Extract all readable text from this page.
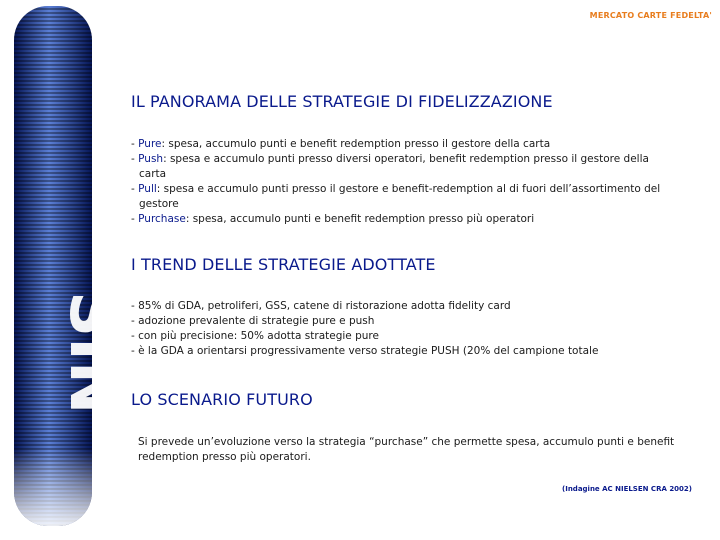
SIN
MERCATO CARTE FEDELTA'
IL PANORAMA DELLE STRATEGIE DI FIDELIZZAZIONE
- Pure: spesa, accumulo punti e benefit redemption presso il gestore della carta
- Push: spesa e accumulo punti presso diversi operatori, benefit redemption presso il gestore della
carta
- Pull: spesa e accumulo punti presso il gestore e benefit-redemption al di fuori dell’assortimento del
gestore
- Purchase: spesa, accumulo punti e benefit redemption presso più operatori
I TREND DELLE STRATEGIE ADOTTATE
- 85% di GDA, petroliferi, GSS, catene di ristorazione adotta fidelity card
- adozione prevalente di strategie pure e push
- con più precisione: 50% adotta strategie pure
- è la GDA a orientarsi progressivamente verso strategie PUSH (20% del campione totale
LO SCENARIO FUTURO
Si prevede un’evoluzione verso la strategia “purchase” che permette spesa, accumulo punti e benefit redemption presso più operatori.
(Indagine AC NIELSEN CRA 2002)
